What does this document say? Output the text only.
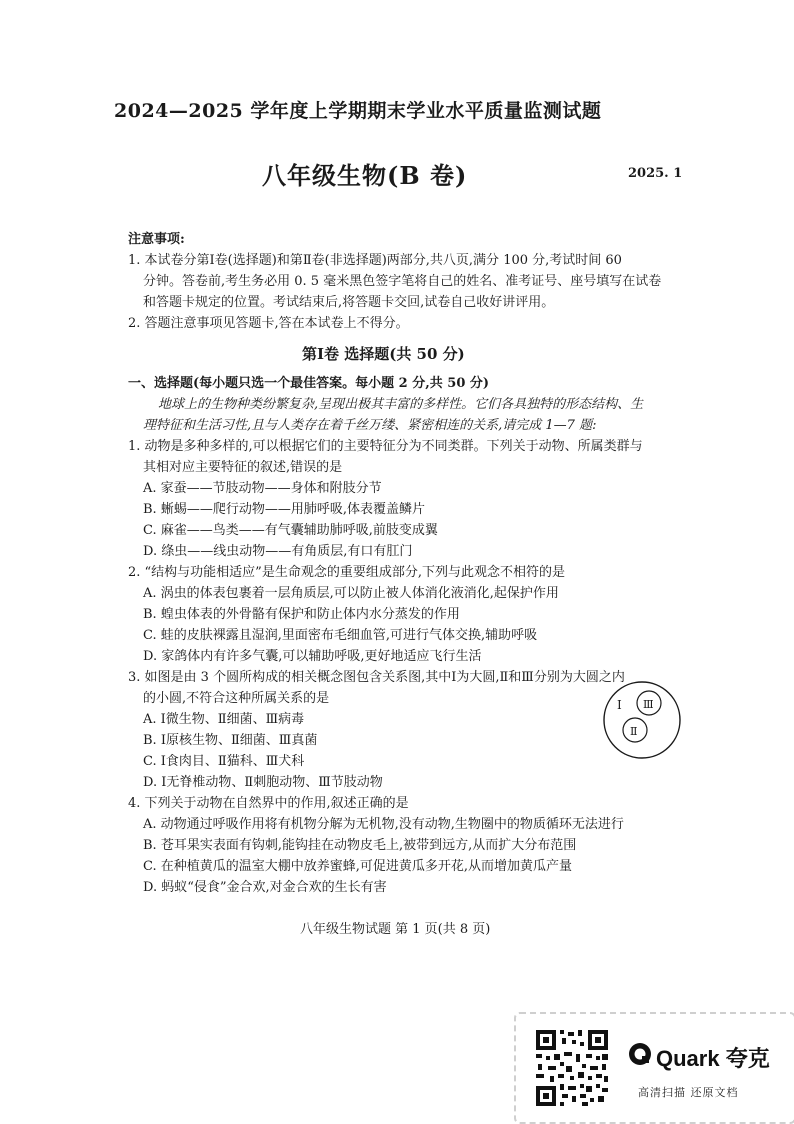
2024—2025 学年度上学期期末学业水平质量监测试题
八年级生物(B 卷)	2025. 1
注意事项:
1. 本试卷分第Ⅰ卷(选择题)和第Ⅱ卷(非选择题)两部分,共八页,满分 100 分,考试时间 60
分钟。答卷前,考生务必用 0. 5 毫米黑色签字笔将自己的姓名、准考证号、座号填写在试卷
和答题卡规定的位置。考试结束后,将答题卡交回,试卷自己收好讲评用。
2. 答题注意事项见答题卡,答在本试卷上不得分。
第Ⅰ卷 选择题(共 50 分)
一、选择题(每小题只选一个最佳答案。每小题 2 分,共 50 分)
地球上的生物种类纷繁复杂,呈现出极其丰富的多样性。它们各具独特的形态结构、生
理特征和生活习性,且与人类存在着千丝万缕、紧密相连的关系,请完成 1—7 题:
1. 动物是多种多样的,可以根据它们的主要特征分为不同类群。下列关于动物、所属类群与
其相对应主要特征的叙述,错误的是
A. 家蚕——节肢动物——身体和附肢分节
B. 蜥蜴——爬行动物——用肺呼吸,体表覆盖鳞片
C. 麻雀——鸟类——有气囊辅助肺呼吸,前肢变成翼
D. 绦虫——线虫动物——有角质层,有口有肛门
2. “结构与功能相适应”是生命观念的重要组成部分,下列与此观念不相符的是
A. 涡虫的体表包裹着一层角质层,可以防止被人体消化液消化,起保护作用
B. 蝗虫体表的外骨骼有保护和防止体内水分蒸发的作用
C. 蛙的皮肤裸露且湿润,里面密布毛细血管,可进行气体交换,辅助呼吸
D. 家鸽体内有许多气囊,可以辅助呼吸,更好地适应飞行生活
3. 如图是由 3 个圆所构成的相关概念图包含关系图,其中Ⅰ为大圆,Ⅱ和Ⅲ分别为大圆之内
的小圆,不符合这种所属关系的是
A. Ⅰ微生物、Ⅱ细菌、Ⅲ病毒
B. Ⅰ原核生物、Ⅱ细菌、Ⅲ真菌
C. Ⅰ食肉目、Ⅱ猫科、Ⅲ犬科
D. Ⅰ无脊椎动物、Ⅱ刺胞动物、Ⅲ节肢动物
Ⅰ Ⅲ
Ⅱ
4. 下列关于动物在自然界中的作用,叙述正确的是
A. 动物通过呼吸作用将有机物分解为无机物,没有动物,生物圈中的物质循环无法进行
B. 苍耳果实表面有钩刺,能钩挂在动物皮毛上,被带到远方,从而扩大分布范围
C. 在种植黄瓜的温室大棚中放养蜜蜂,可促进黄瓜多开花,从而增加黄瓜产量
D. 蚂蚁“侵食”金合欢,对金合欢的生长有害
八年级生物试题 第 1 页(共 8 页)
Quark 夸克
高清扫描 还原文档
